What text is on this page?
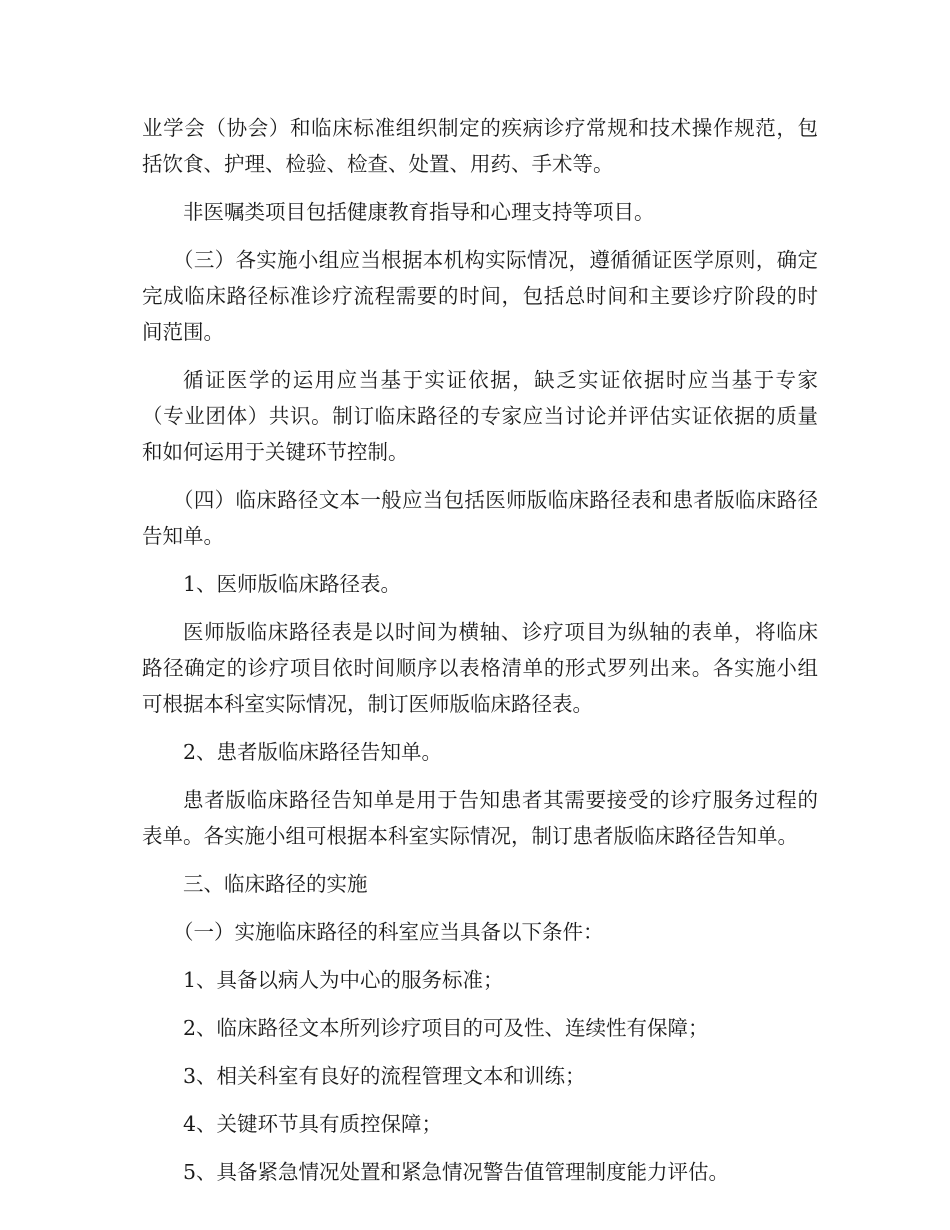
业学会（协会）和临床标准组织制定的疾病诊疗常规和技术操作规范，包括饮食、护理、检验、检查、处置、用药、手术等。

非医嘱类项目包括健康教育指导和心理支持等项目。

（三）各实施小组应当根据本机构实际情况，遵循循证医学原则，确定完成临床路径标准诊疗流程需要的时间，包括总时间和主要诊疗阶段的时间范围。

循证医学的运用应当基于实证依据，缺乏实证依据时应当基于专家（专业团体）共识。制订临床路径的专家应当讨论并评估实证依据的质量和如何运用于关键环节控制。

（四）临床路径文本一般应当包括医师版临床路径表和患者版临床路径告知单。

1、医师版临床路径表。

医师版临床路径表是以时间为横轴、诊疗项目为纵轴的表单，将临床路径确定的诊疗项目依时间顺序以表格清单的形式罗列出来。各实施小组可根据本科室实际情况，制订医师版临床路径表。

2、患者版临床路径告知单。

患者版临床路径告知单是用于告知患者其需要接受的诊疗服务过程的表单。各实施小组可根据本科室实际情况，制订患者版临床路径告知单。

三、临床路径的实施

（一）实施临床路径的科室应当具备以下条件：

1、具备以病人为中心的服务标准；

2、临床路径文本所列诊疗项目的可及性、连续性有保障；

3、相关科室有良好的流程管理文本和训练；

4、关键环节具有质控保障；

5、具备紧急情况处置和紧急情况警告值管理制度能力评估。
